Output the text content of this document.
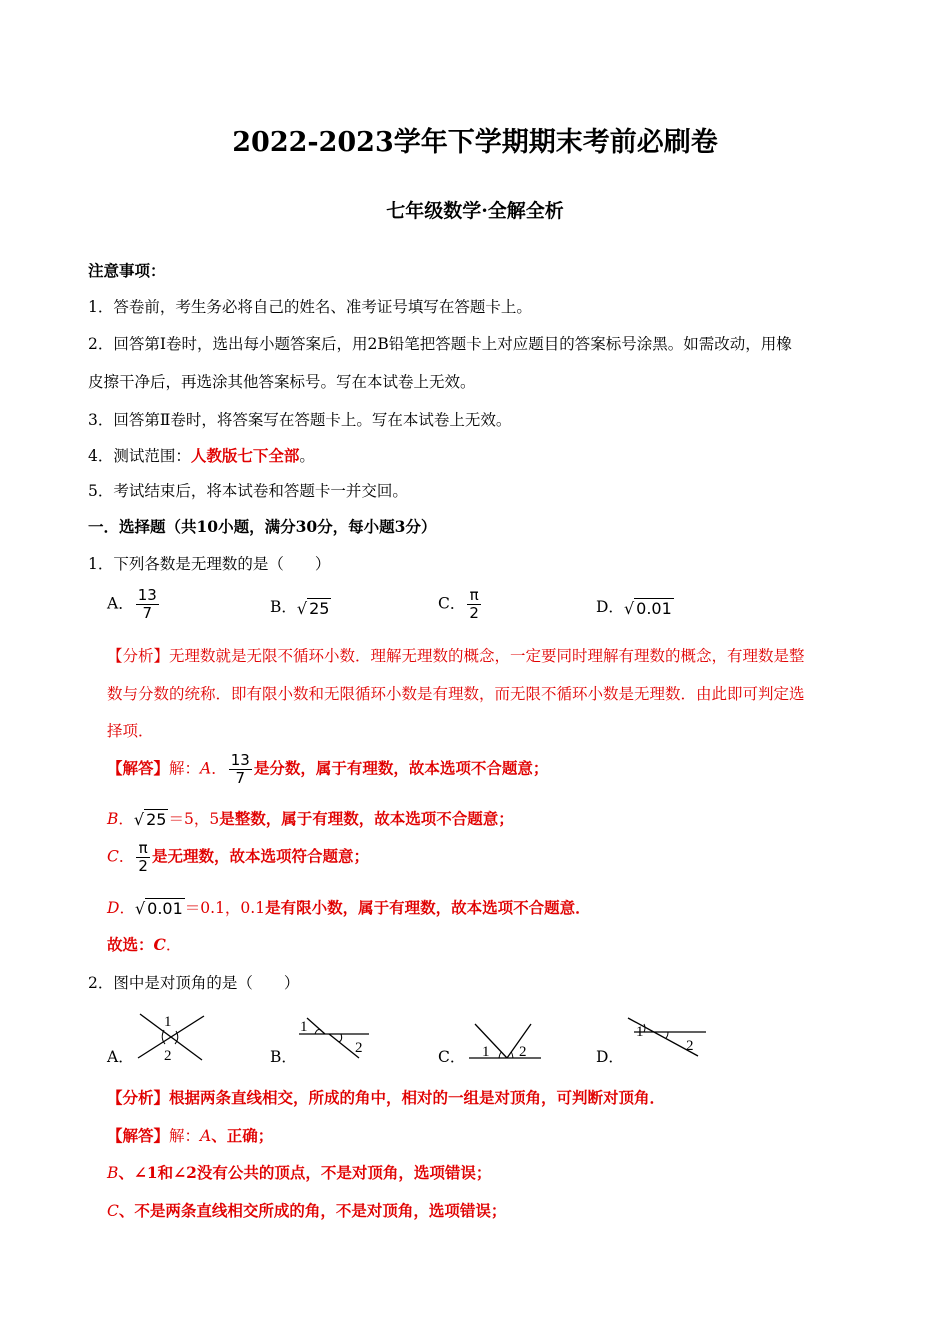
2022-2023学年下学期期末考前必刷卷
七年级数学·全解全析
注意事项：
1．答卷前，考生务必将自己的姓名、准考证号填写在答题卡上。
2．回答第Ⅰ卷时，选出每小题答案后，用2B铅笔把答题卡上对应题目的答案标号涂黑。如需改动，用橡
皮擦干净后，再选涂其他答案标号。写在本试卷上无效。
3．回答第Ⅱ卷时，将答案写在答题卡上。写在本试卷上无效。
4．测试范围：人教版七下全部。
5．考试结束后，将本试卷和答题卡一并交回。
一．选择题（共10小题，满分30分，每小题3分）
1．下列各数是无理数的是（　　）
A． $\frac{13}{7}$	B．√ 25	C． $\frac{\pi}{2}$	D．√ 0.01
【分析】无理数就是无限不循环小数．理解无理数的概念，一定要同时理解有理数的概念，有理数是整
数与分数的统称．即有限小数和无限循环小数是有理数，而无限不循环小数是无理数．由此即可判定选
择项．
【解答】解：A． $\frac{13}{7}$ 是分数，属于有理数，故本选项不合题意；
B．√ 25 ＝5，5是整数，属于有理数，故本选项不合题意；
C． $\frac{\pi}{2}$ 是无理数，故本选项符合题意；
D．√ 0.01 ＝0.1，0.1是有限小数，属于有理数，故本选项不合题意．
故选：C．
2．图中是对顶角的是（　　）
A．
1
2	B．
1
2	C． 1 2	D．
1
2
【分析】根据两条直线相交，所成的角中，相对的一组是对顶角，可判断对顶角．
【解答】解：A、正确；
B、∠1和∠2没有公共的顶点，不是对顶角，选项错误；
C、不是两条直线相交所成的角，不是对顶角，选项错误；
